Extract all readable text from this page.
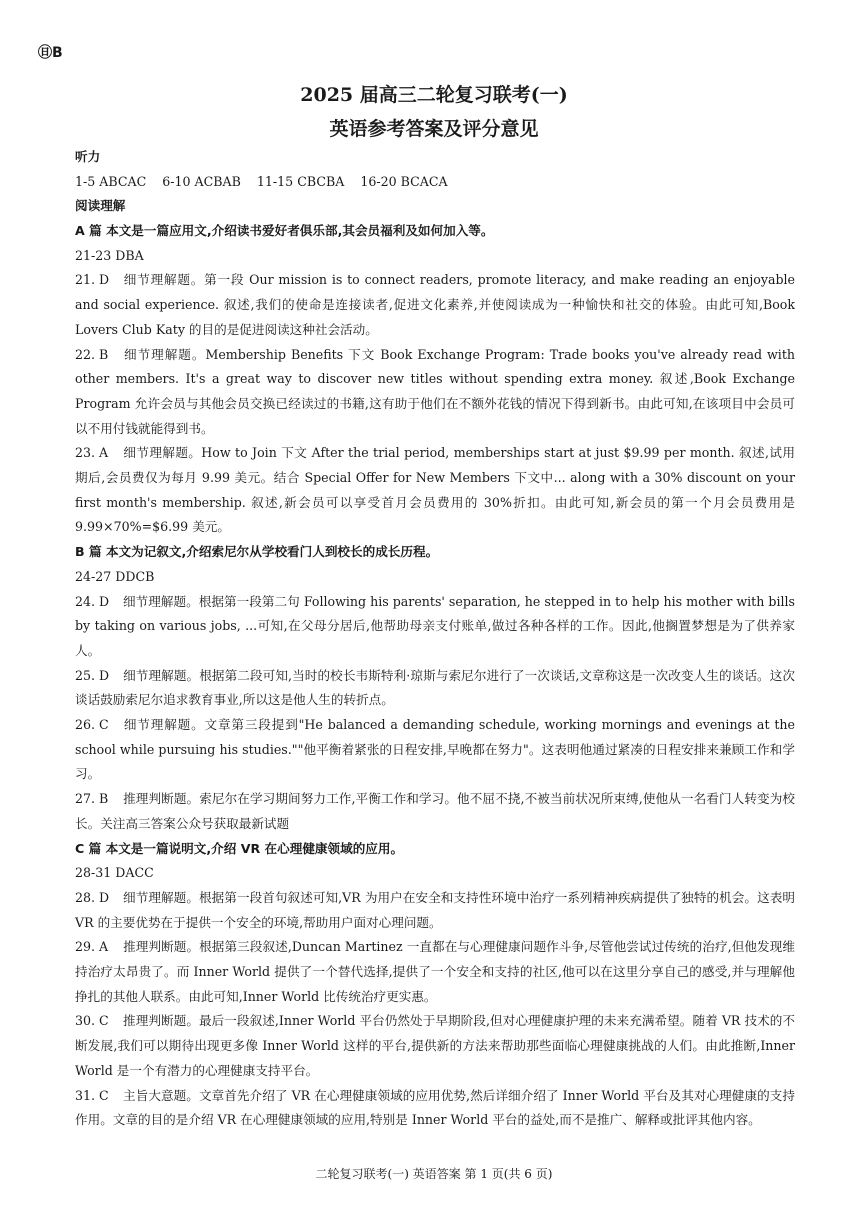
㊐B
2025 届高三二轮复习联考(一)
英语参考答案及评分意见
听力
1-5 ABCAC    6-10 ACBAB    11-15 CBCBA    16-20 BCACA
阅读理解
A 篇 本文是一篇应用文,介绍读书爱好者俱乐部,其会员福利及如何加入等。
21-23 DBA
21. D 细节理解题。第一段 Our mission is to connect readers, promote literacy, and make reading an enjoyable and social experience. 叙述,我们的使命是连接读者,促进文化素养,并使阅读成为一种愉快和社交的体验。由此可知,Book Lovers Club Katy 的目的是促进阅读这种社会活动。
22. B 细节理解题。Membership Benefits 下文 Book Exchange Program: Trade books you've already read with other members. It's a great way to discover new titles without spending extra money. 叙述,Book Exchange Program 允许会员与其他会员交换已经读过的书籍,这有助于他们在不额外花钱的情况下得到新书。由此可知,在该项目中会员可以不用付钱就能得到书。
23. A 细节理解题。How to Join 下文 After the trial period, memberships start at just $9.99 per month. 叙述,试用期后,会员费仅为每月 9.99 美元。结合 Special Offer for New Members 下文中... along with a 30% discount on your first month's membership. 叙述,新会员可以享受首月会员费用的 30%折扣。由此可知,新会员的第一个月会员费用是 9.99×70%=$6.99 美元。
B 篇 本文为记叙文,介绍索尼尔从学校看门人到校长的成长历程。
24-27 DDCB
24. D 细节理解题。根据第一段第二句 Following his parents' separation, he stepped in to help his mother with bills by taking on various jobs, ...可知,在父母分居后,他帮助母亲支付账单,做过各种各样的工作。因此,他搁置梦想是为了供养家人。
25. D 细节理解题。根据第二段可知,当时的校长韦斯特利·琼斯与索尼尔进行了一次谈话,文章称这是一次改变人生的谈话。这次谈话鼓励索尼尔追求教育事业,所以这是他人生的转折点。
26. C 细节理解题。文章第三段提到"He balanced a demanding schedule, working mornings and evenings at the school while pursuing his studies.""他平衡着紧张的日程安排,早晚都在努力"。这表明他通过紧凑的日程安排来兼顾工作和学习。
27. B 推理判断题。索尼尔在学习期间努力工作,平衡工作和学习。他不屈不挠,不被当前状况所束缚,使他从一名看门人转变为校长。关注高三答案公众号获取最新试题
C 篇 本文是一篇说明文,介绍 VR 在心理健康领域的应用。
28-31 DACC
28. D 细节理解题。根据第一段首句叙述可知,VR 为用户在安全和支持性环境中治疗一系列精神疾病提供了独特的机会。这表明 VR 的主要优势在于提供一个安全的环境,帮助用户面对心理问题。
29. A 推理判断题。根据第三段叙述,Duncan Martinez 一直都在与心理健康问题作斗争,尽管他尝试过传统的治疗,但他发现维持治疗太昂贵了。而 Inner World 提供了一个替代选择,提供了一个安全和支持的社区,他可以在这里分享自己的感受,并与理解他挣扎的其他人联系。由此可知,Inner World 比传统治疗更实惠。
30. C 推理判断题。最后一段叙述,Inner World 平台仍然处于早期阶段,但对心理健康护理的未来充满希望。随着 VR 技术的不断发展,我们可以期待出现更多像 Inner World 这样的平台,提供新的方法来帮助那些面临心理健康挑战的人们。由此推断,Inner World 是一个有潜力的心理健康支持平台。
31. C 主旨大意题。文章首先介绍了 VR 在心理健康领域的应用优势,然后详细介绍了 Inner World 平台及其对心理健康的支持作用。文章的目的是介绍 VR 在心理健康领域的应用,特别是 Inner World 平台的益处,而不是推广、解释或批评其他内容。
二轮复习联考(一) 英语答案 第 1 页(共 6 页)
